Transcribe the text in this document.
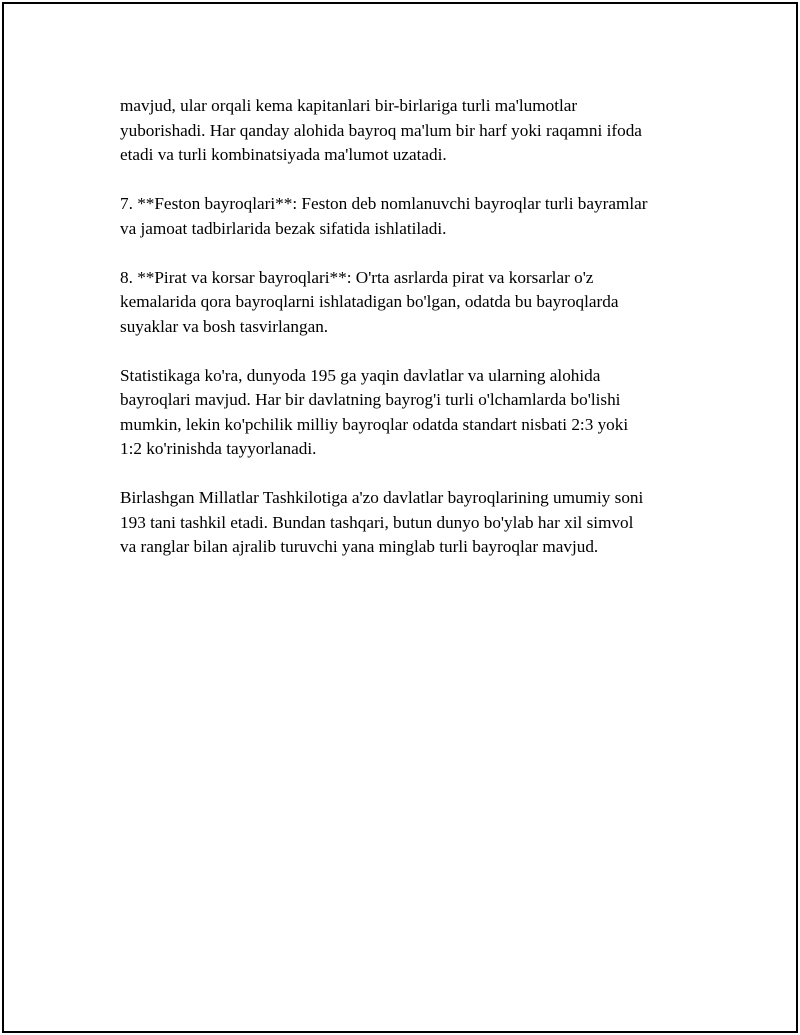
mavjud, ular orqali kema kapitanlari bir-birlariga turli ma'lumotlar
yuborishadi. Har qanday alohida bayroq ma'lum bir harf yoki raqamni ifoda
etadi va turli kombinatsiyada ma'lumot uzatadi.

7. **Feston bayroqlari**: Feston deb nomlanuvchi bayroqlar turli bayramlar
va jamoat tadbirlarida bezak sifatida ishlatiladi.

8. **Pirat va korsar bayroqlari**: O'rta asrlarda pirat va korsarlar o'z
kemalarida qora bayroqlarni ishlatadigan bo'lgan, odatda bu bayroqlarda
suyaklar va bosh tasvirlangan.

Statistikaga ko'ra, dunyoda 195 ga yaqin davlatlar va ularning alohida
bayroqlari mavjud. Har bir davlatning bayrog'i turli o'lchamlarda bo'lishi
mumkin, lekin ko'pchilik milliy bayroqlar odatda standart nisbati 2:3 yoki
1:2 ko'rinishda tayyorlanadi.

Birlashgan Millatlar Tashkilotiga a'zo davlatlar bayroqlarining umumiy soni
193 tani tashkil etadi. Bundan tashqari, butun dunyo bo'ylab har xil simvol
va ranglar bilan ajralib turuvchi yana minglab turli bayroqlar mavjud.
